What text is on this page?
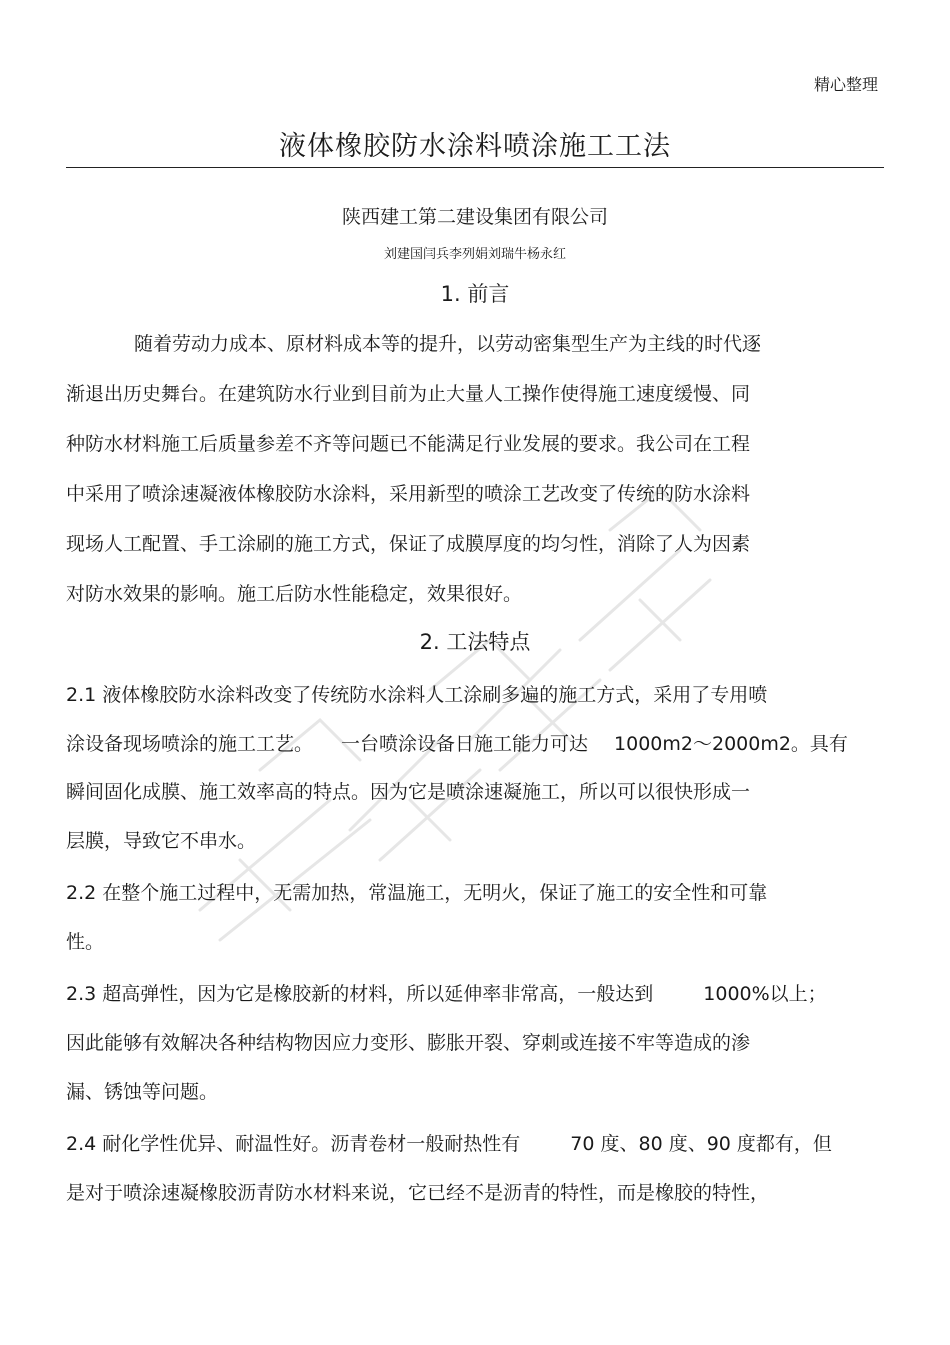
精心整理
液体橡胶防水涂料喷涂施工工法
陕西建工第二建设集团有限公司
刘建国闫兵李列娟刘瑞牛杨永红
1. 前言
随着劳动力成本、原材料成本等的提升，以劳动密集型生产为主线的时代逐
渐退出历史舞台。在建筑防水行业到目前为止大量人工操作使得施工速度缓慢、同
种防水材料施工后质量参差不齐等问题已不能满足行业发展的要求。我公司在工程
中采用了喷涂速凝液体橡胶防水涂料，采用新型的喷涂工艺改变了传统的防水涂料
现场人工配置、手工涂刷的施工方式，保证了成膜厚度的均匀性，消除了人为因素
对防水效果的影响。施工后防水性能稳定，效果很好。
2. 工法特点
2.1 液体橡胶防水涂料改变了传统防水涂料人工涂刷多遍的施工方式，采用了专用喷
涂设备现场喷涂的施工工艺。 一台喷涂设备日施工能力可达 1000m2～2000m2。具有
瞬间固化成膜、施工效率高的特点。因为它是喷涂速凝施工，所以可以很快形成一
层膜，导致它不串水。
2.2 在整个施工过程中，无需加热，常温施工，无明火，保证了施工的安全性和可靠
性。
2.3 超高弹性，因为它是橡胶新的材料，所以延伸率非常高，一般达到	1000%以上；
因此能够有效解决各种结构物因应力变形、膨胀开裂、穿刺或连接不牢等造成的渗
漏、锈蚀等问题。
2.4 耐化学性优异、耐温性好。沥青卷材一般耐热性有	70 度、80 度、90 度都有，但
是对于喷涂速凝橡胶沥青防水材料来说，它已经不是沥青的特性，而是橡胶的特性，
